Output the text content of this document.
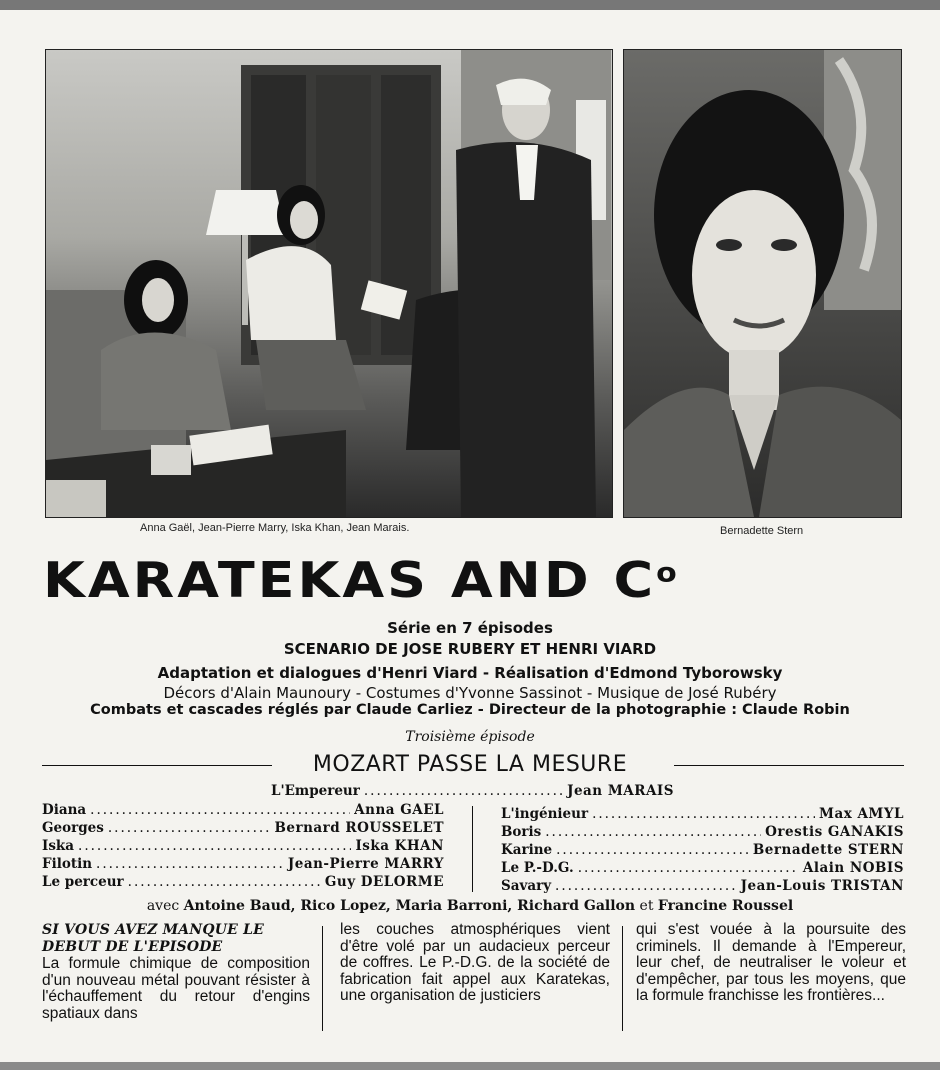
Anna Gaël, Jean-Pierre Marry, Iska Khan, Jean Marais.	Bernadette Stern
KARATEKAS AND $C^o$
Série en 7 épisodes
SCENARIO DE JOSE RUBERY ET HENRI VIARD
Adaptation et dialogues d'Henri Viard - Réalisation d'Edmond Tyborowsky
Décors d'Alain Maunoury - Costumes d'Yvonne Sassinot - Musique de José Rubéry
Combats et cascades réglés par Claude Carliez - Directeur de la photographie : Claude Robin
Troisième épisode
MOZART PASSE LA MESURE
L'Empereur .....	Jean MARAIS
Diana .....	Anna GAEL
Georges .....	Bernard ROUSSELET
Iska .....	Iska KHAN
Filotin .....	Jean-Pierre MARRY
Le perceur .....	Guy DELORME
L'ingénieur .....	Max AMYL
Boris .....	Orestis GANAKIS
Karine .....	Bernadette STERN
Le P.-D.G. .....	Alain NOBIS
Savary .....	Jean-Louis TRISTAN
avec Antoine Baud, Rico Lopez, Maria Barroni, Richard Gallon et Francine Roussel
SI VOUS AVEZ MANQUE LE DEBUT DE L'EPISODE

La formule chimique de composition d'un nouveau métal pouvant résister à l'échauffement du retour d'engins spatiaux dans

les couches atmosphériques vient d'être volé par un audacieux perceur de coffres. Le P.-D.G. de la société de fabrication fait appel aux Karatekas, une organisation de justiciers

qui s'est vouée à la poursuite des criminels. Il demande à l'Empereur, leur chef, de neutraliser le voleur et d'empêcher, par tous les moyens, que la formule franchisse les frontières...
